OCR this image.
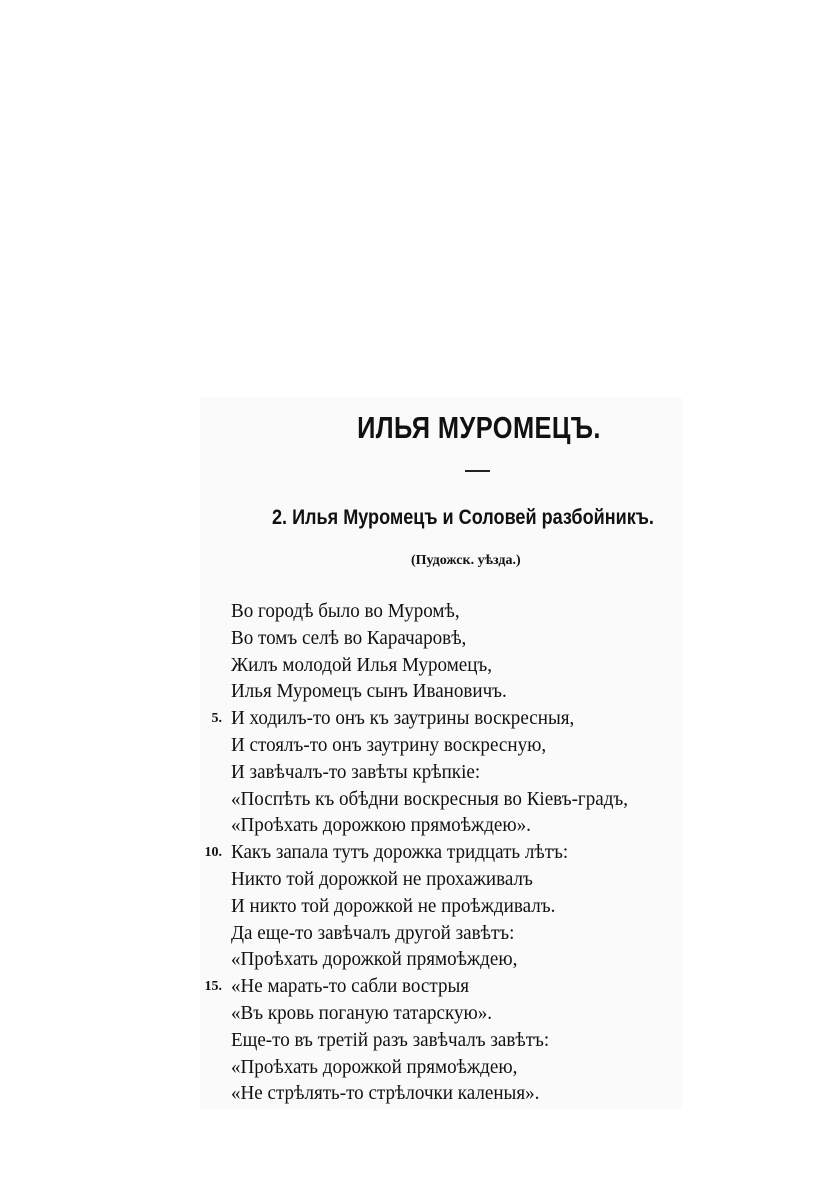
ИЛЬЯ МУРОМЕЦЪ.
2. Илья Муромецъ и Соловей разбойникъ.
(Пудожск. уѣзда.)
Во городѣ было во Муромѣ,
Во томъ селѣ во Карачаровѣ,
Жилъ молодой Илья Муромецъ,
Илья Муромецъ сынъ Ивановичъ.
5. И ходилъ-то онъ къ заутрины воскресныя,
И стоялъ-то онъ заутрину воскресную,
И завѣчалъ-то завѣты крѣпкіе:
«Поспѣть къ обѣдни воскресныя во Кіевъ-градъ,
«Проѣхать дорожкою прямоѣждею».
10. Какъ запала тутъ дорожка тридцать лѣтъ:
Никто той дорожкой не прохаживалъ
И никто той дорожкой не проѣждивалъ.
Да еще-то завѣчалъ другой завѣтъ:
«Проѣхать дорожкой прямоѣждею,
15. «Не марать-то сабли вострыя
«Въ кровь поганую татарскую».
Еще-то въ третій разъ завѣчалъ завѣтъ:
«Проѣхать дорожкой прямоѣждею,
«Не стрѣлять-то стрѣлочки каленыя».
